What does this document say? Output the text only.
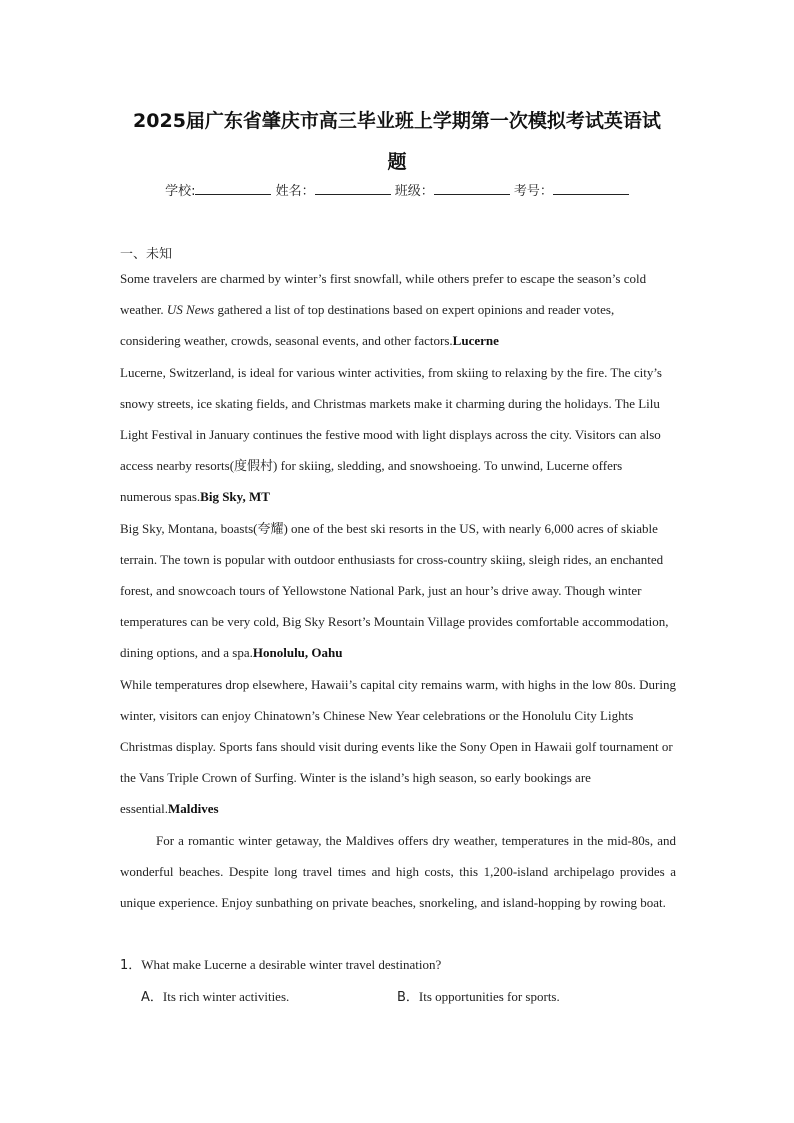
2025届广东省肇庆市高三毕业班上学期第一次模拟考试英语试
题
学校:	姓名：	班级：	考号：
一、未知
Some travelers are charmed by winter’s first snowfall, while others prefer to escape the season’s cold weather. US News gathered a list of top destinations based on expert opinions and reader votes, considering weather, crowds, seasonal events, and other factors.Lucerne
Lucerne, Switzerland, is ideal for various winter activities, from skiing to relaxing by the fire. The city’s snowy streets, ice skating fields, and Christmas markets make it charming during the holidays. The Lilu Light Festival in January continues the festive mood with light displays across the city. Visitors can also access nearby resorts(度假村) for skiing, sledding, and snowshoeing. To unwind, Lucerne offers numerous spas.Big Sky, MT
Big Sky, Montana, boasts(夸耀) one of the best ski resorts in the US, with nearly 6,000 acres of skiable terrain. The town is popular with outdoor enthusiasts for cross-country skiing, sleigh rides, an enchanted forest, and snowcoach tours of Yellowstone National Park, just an hour’s drive away. Though winter temperatures can be very cold, Big Sky Resort’s Mountain Village provides comfortable accommodation, dining options, and a spa.Honolulu, Oahu
While temperatures drop elsewhere, Hawaii’s capital city remains warm, with highs in the low 80s. During winter, visitors can enjoy Chinatown’s Chinese New Year celebrations or the Honolulu City Lights Christmas display. Sports fans should visit during events like the Sony Open in Hawaii golf tournament or the Vans Triple Crown of Surfing. Winter is the island’s high season, so early bookings are essential.Maldives
For a romantic winter getaway, the Maldives offers dry weather, temperatures in the mid-80s, and wonderful beaches. Despite long travel times and high costs, this 1,200-island archipelago provides a unique experience. Enjoy sunbathing on private beaches, snorkeling, and island-hopping by rowing boat.
1．What make Lucerne a desirable winter travel destination?
A．Its rich winter activities.	B．Its opportunities for sports.
